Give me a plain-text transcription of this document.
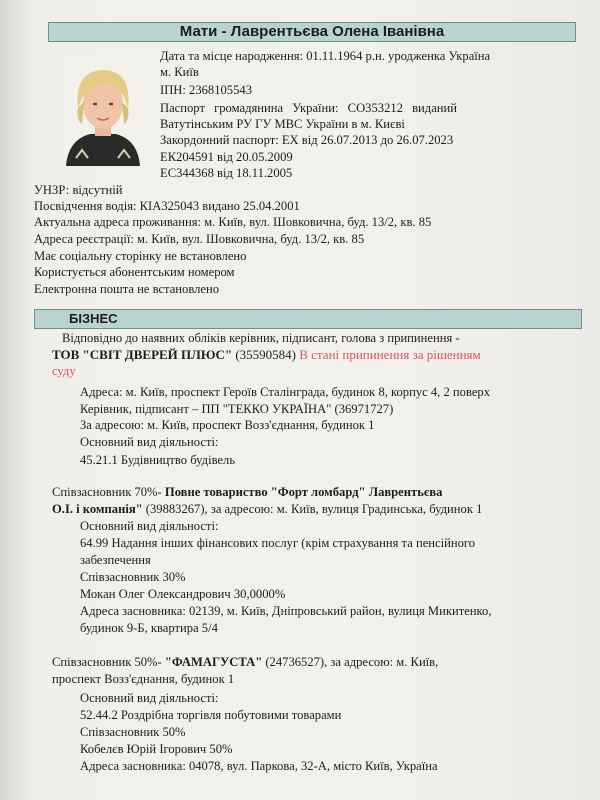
Мати - Лаврентьєва Олена Іванівна
Дата та місце народження: 01.11.1964 р.н. уродженка Україна
м. Київ
ІПН: 2368105543
Паспорт громадянина України: CO353212 виданий
Ватутінським РУ ГУ МВС України в м. Києві
Закордонний паспорт: ЕХ від 26.07.2013 до 26.07.2023
ЕК204591 від 20.05.2009
ЕС344368 від 18.11.2005
УНЗР: відсутній
Посвідчення водія: КІА325043 видано 25.04.2001
Актуальна адреса проживання: м. Київ, вул. Шовковична, буд. 13/2, кв. 85
Адреса реєстрації: м. Київ, вул. Шовковична, буд. 13/2, кв. 85
Має соціальну сторінку не встановлено
Користується абонентським номером
Електронна пошта не встановлено
БІЗНЕС
Відповідно до наявних обліків керівник, підписант, голова з припинення -
ТОВ "СВІТ ДВЕРЕЙ ПЛЮС" (35590584) В стані припинення за рішенням
суду
Адреса: м. Київ, проспект Героїв Сталінграда, будинок 8, корпус 4, 2 поверх
Керівник, підписант – ПП "ТЕККО УКРАЇНА" (36971727)
За адресою: м. Київ, проспект Возз'єднання, будинок 1
Основний вид діяльності:
45.21.1 Будівництво будівель
Співзасновник 70%- Повне товариство "Форт ломбард" Лаврентьєва
О.І. і компанія" (39883267), за адресою: м. Київ, вулиця Градинська, будинок 1
Основний вид діяльності:
64.99 Надання інших фінансових послуг (крім страхування та пенсійного
забезпечення
Співзасновник 30%
Мокан Олег Олександрович 30,0000%
Адреса засновника: 02139, м. Київ, Дніпровський район, вулиця Микитенко,
будинок 9-Б, квартира 5/4
Співзасновник 50%- "ФАМАГУСТА" (24736527), за адресою: м. Київ,
проспект Возз'єднання, будинок 1
Основний вид діяльності:
52.44.2 Роздрібна торгівля побутовими товарами
Співзасновник 50%
Кобелєв Юрій Ігорович 50%
Адреса засновника: 04078, вул. Паркова, 32-А, місто Київ, Україна
